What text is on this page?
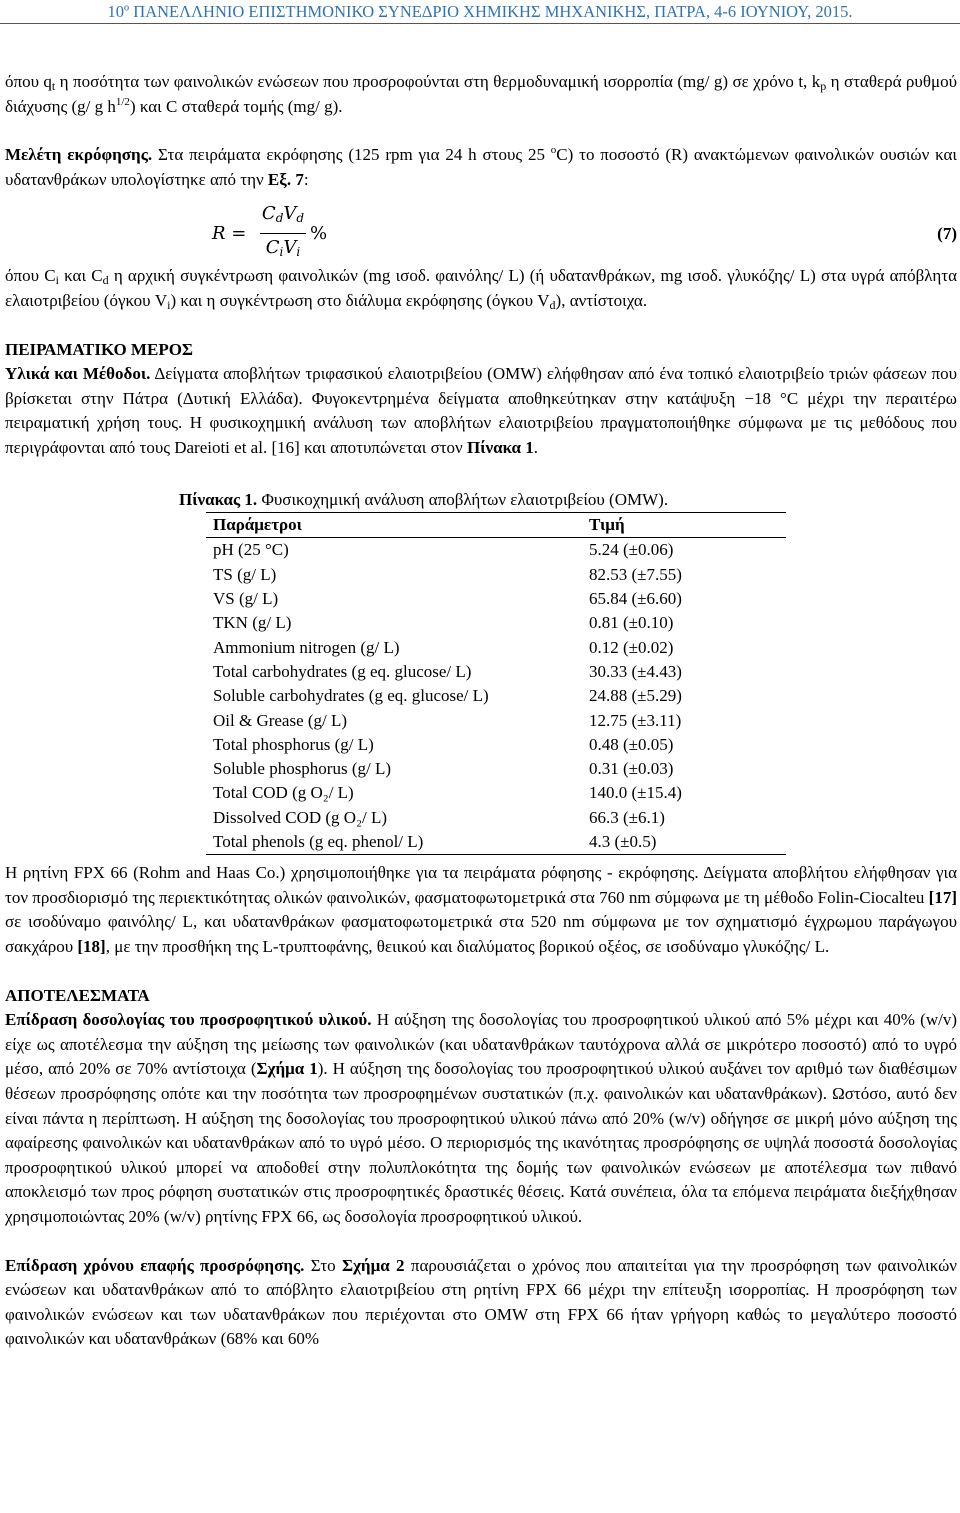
10º ΠΑΝΕΛΛΗΝΙΟ ΕΠΙΣΤΗΜΟΝΙΚΟ ΣΥΝΕΔΡΙΟ ΧΗΜΙΚΗΣ ΜΗΧΑΝΙΚΗΣ, ΠΑΤΡΑ, 4-6 ΙΟΥΝΙΟΥ, 2015.

όπου $q_t$ η ποσότητα των φαινολικών ενώσεων που προσροφούνται στη θερμοδυναμική ισορροπία (mg/ g) σε χρόνο t, $k_p$ η σταθερά ρυθμού διάχυσης (g/ g $h^{1/2}$) και C σταθερά τομής (mg/ g).

Μελέτη εκρόφησης. Στα πειράματα εκρόφησης (125 rpm για 24 h στους 25 $^o$C) το ποσοστό (R) ανακτώμενων φαινολικών ουσιών και υδατανθράκων υπολογίστηκε από την Εξ. 7:

R =
CdVd
CiVi
%	(7)

όπου $C_i$ και $C_d$ η αρχική συγκέντρωση φαινολικών (mg ισοδ. φαινόλης/ L) (ή υδατανθράκων, mg ισοδ. γλυκόζης/ L) στα υγρά απόβλητα ελαιοτριβείου (όγκου $V_i$) και η συγκέντρωση στο διάλυμα εκρόφησης (όγκου $V_d$), αντίστοιχα.

ΠΕΙΡΑΜΑΤΙΚΟ ΜΕΡΟΣ

Υλικά και Μέθοδοι. Δείγματα αποβλήτων τριφασικού ελαιοτριβείου (OMW) ελήφθησαν από ένα τοπικό ελαιοτριβείο τριών φάσεων που βρίσκεται στην Πάτρα (Δυτική Ελλάδα). Φυγοκεντρημένα δείγματα αποθηκεύτηκαν στην κατάψυξη −18 °C μέχρι την περαιτέρω πειραματική χρήση τους. Η φυσικοχημική ανάλυση των αποβλήτων ελαιοτριβείου πραγματοποιήθηκε σύμφωνα με τις μεθόδους που περιγράφονται από τους Dareioti et al. [16] και αποτυπώνεται στον Πίνακα 1.

Πίνακας 1. Φυσικοχημική ανάλυση αποβλήτων ελαιοτριβείου (OMW).

Παράμετροι	Τιμή
pH (25 °C)	5.24 (±0.06)
TS (g/ L)	82.53 (±7.55)
VS (g/ L)	65.84 (±6.60)
TKN (g/ L)	0.81 (±0.10)
Ammonium nitrogen (g/ L)	0.12 (±0.02)
Total carbohydrates (g eq. glucose/ L)	30.33 (±4.43)
Soluble carbohydrates (g eq. glucose/ L)	24.88 (±5.29)
Oil & Grease (g/ L)	12.75 (±3.11)
Total phosphorus (g/ L)	0.48 (±0.05)
Soluble phosphorus (g/ L)	0.31 (±0.03)
Total COD (g O₂/ L)	140.0 (±15.4)
Dissolved COD (g O₂/ L)	66.3 (±6.1)
Total phenols (g eq. phenol/ L)	4.3 (±0.5)

Η ρητίνη FPX 66 (Rohm and Haas Co.) χρησιμοποιήθηκε για τα πειράματα ρόφησης - εκρόφησης. Δείγματα αποβλήτου ελήφθησαν για τον προσδιορισμό της περιεκτικότητας ολικών φαινολικών, φασματοφωτομετρικά στα 760 nm σύμφωνα με τη μέθοδο Folin-Ciocalteu [17] σε ισοδύναμο φαινόλης/ L, και υδατανθράκων φασματοφωτομετρικά στα 520 nm σύμφωνα με τον σχηματισμό έγχρωμου παράγωγου σακχάρου [18], με την προσθήκη της L-τρυπτοφάνης, θειικού και διαλύματος βορικού οξέος, σε ισοδύναμο γλυκόζης/ L.

ΑΠΟΤΕΛΕΣΜΑΤΑ

Επίδραση δοσολογίας του προσροφητικού υλικού. Η αύξηση της δοσολογίας του προσροφητικού υλικού από 5% μέχρι και 40% (w/v) είχε ως αποτέλεσμα την αύξηση της μείωσης των φαινολικών (και υδατανθράκων ταυτόχρονα αλλά σε μικρότερο ποσοστό) από το υγρό μέσο, από 20% σε 70% αντίστοιχα (Σχήμα 1). Η αύξηση της δοσολογίας του προσροφητικού υλικού αυξάνει τον αριθμό των διαθέσιμων θέσεων προσρόφησης οπότε και την ποσότητα των προσροφημένων συστατικών (π.χ. φαινολικών και υδατανθράκων). Ωστόσο, αυτό δεν είναι πάντα η περίπτωση. Η αύξηση της δοσολογίας του προσροφητικού υλικού πάνω από 20% (w/v) οδήγησε σε μικρή μόνο αύξηση της αφαίρεσης φαινολικών και υδατανθράκων από το υγρό μέσο. Ο περιορισμός της ικανότητας προσρόφησης σε υψηλά ποσοστά δοσολογίας προσροφητικού υλικού μπορεί να αποδοθεί στην πολυπλοκότητα της δομής των φαινολικών ενώσεων με αποτέλεσμα των πιθανό αποκλεισμό των προς ρόφηση συστατικών στις προσροφητικές δραστικές θέσεις. Κατά συνέπεια, όλα τα επόμενα πειράματα διεξήχθησαν χρησιμοποιώντας 20% (w/v) ρητίνης FPX 66, ως δοσολογία προσροφητικού υλικού.

Επίδραση χρόνου επαφής προσρόφησης. Στο Σχήμα 2 παρουσιάζεται ο χρόνος που απαιτείται για την προσρόφηση των φαινολικών ενώσεων και υδατανθράκων από το απόβλητο ελαιοτριβείου στη ρητίνη FPX 66 μέχρι την επίτευξη ισορροπίας. Η προσρόφηση των φαινολικών ενώσεων και των υδατανθράκων που περιέχονται στο OMW στη FPX 66 ήταν γρήγορη καθώς το μεγαλύτερο ποσοστό φαινολικών και υδατανθράκων (68% και 60%
